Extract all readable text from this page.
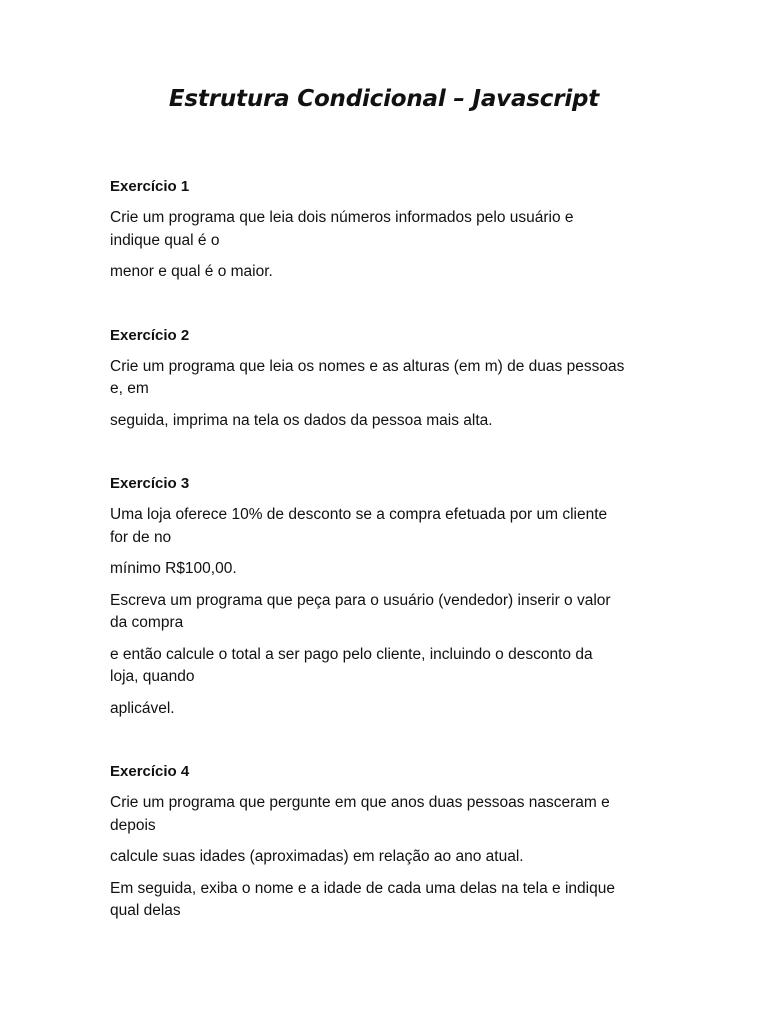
Estrutura Condicional – Javascript
Exercício 1

Crie um programa que leia dois números informados pelo usuário e
indique qual é o

menor e qual é o maior.

Exercício 2

Crie um programa que leia os nomes e as alturas (em m) de duas pessoas
e, em

seguida, imprima na tela os dados da pessoa mais alta.

Exercício 3

Uma loja oferece 10% de desconto se a compra efetuada por um cliente
for de no

mínimo R$100,00.

Escreva um programa que peça para o usuário (vendedor) inserir o valor
da compra

e então calcule o total a ser pago pelo cliente, incluindo o desconto da
loja, quando

aplicável.

Exercício 4

Crie um programa que pergunte em que anos duas pessoas nasceram e
depois

calcule suas idades (aproximadas) em relação ao ano atual.

Em seguida, exiba o nome e a idade de cada uma delas na tela e indique
qual delas
